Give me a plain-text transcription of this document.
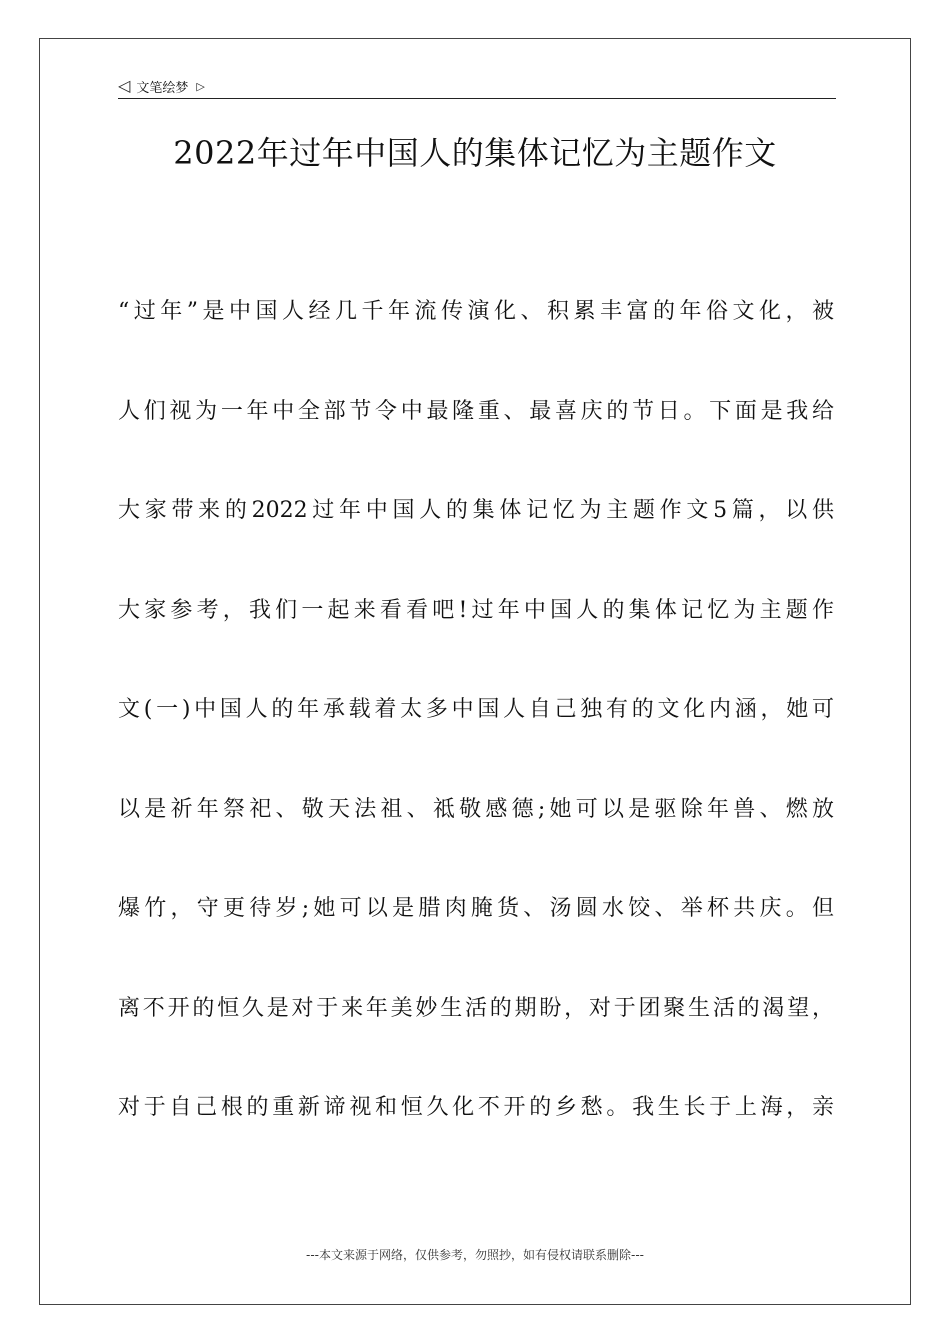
◁ 文笔绘梦 ▷
2022年过年中国人的集体记忆为主题作文
“过年”是中国人经几千年流传演化、积累丰富的年俗文化，被
人们视为一年中全部节令中最隆重、最喜庆的节日。下面是我给
大家带来的2022过年中国人的集体记忆为主题作文5篇，以供
大家参考，我们一起来看看吧!过年中国人的集体记忆为主题作
文(一)中国人的年承载着太多中国人自己独有的文化内涵，她可
以是祈年祭祀、敬天法祖、祗敬感德;她可以是驱除年兽、燃放
爆竹，守更待岁;她可以是腊肉腌货、汤圆水饺、举杯共庆。但
离不开的恒久是对于来年美妙生活的期盼，对于团聚生活的渴望，
对于自己根的重新谛视和恒久化不开的乡愁。我生长于上海，亲
---本文来源于网络，仅供参考，勿照抄，如有侵权请联系删除---
